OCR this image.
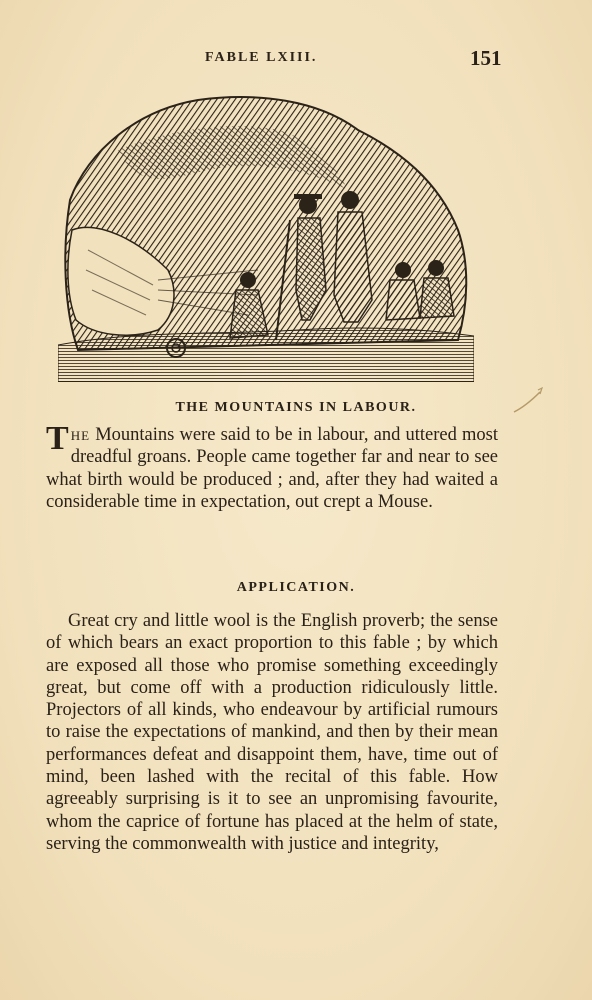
FABLE LXIII.	151
THE MOUNTAINS IN LABOUR.

The Mountains were said to be in labour, and uttered most dreadful groans. People came together far and near to see what birth would be produced ; and, after they had waited a considerable time in expectation, out crept a Mouse.

APPLICATION.

Great cry and little wool is the English proverb; the sense of which bears an exact proportion to this fable ; by which are exposed all those who promise something exceedingly great, but come off with a production ridiculously little. Projectors of all kinds, who endeavour by artificial rumours to raise the expectations of mankind, and then by their mean performances defeat and disappoint them, have, time out of mind, been lashed with the recital of this fable. How agreeably surprising is it to see an unpromising favourite, whom the caprice of fortune has placed at the helm of state, serving the commonwealth with justice and integrity,
